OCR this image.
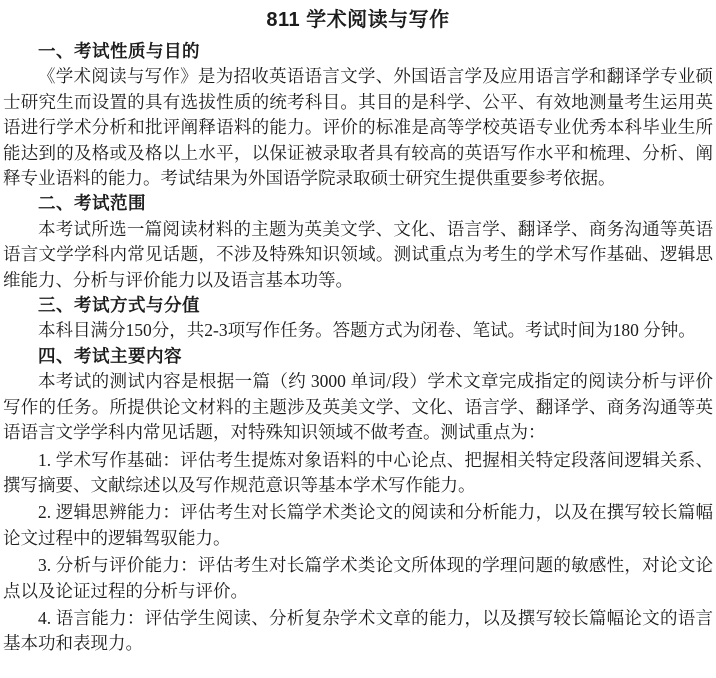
811 学术阅读与写作
一、考试性质与目的

《学术阅读与写作》是为招收英语语言文学、外国语言学及应用语言学和翻译学专业硕士研究生而设置的具有选拔性质的统考科目。其目的是科学、公平、有效地测量考生运用英语进行学术分析和批评阐释语料的能力。评价的标准是高等学校英语专业优秀本科毕业生所能达到的及格或及格以上水平，以保证被录取者具有较高的英语写作水平和梳理、分析、阐释专业语料的能力。考试结果为外国语学院录取硕士研究生提供重要参考依据。

二、考试范围

本考试所选一篇阅读材料的主题为英美文学、文化、语言学、翻译学、商务沟通等英语语言文学学科内常见话题，不涉及特殊知识领域。测试重点为考生的学术写作基础、逻辑思维能力、分析与评价能力以及语言基本功等。

三、考试方式与分值

本科目满分150分，共2-3项写作任务。答题方式为闭卷、笔试。考试时间为180 分钟。

四、考试主要内容

本考试的测试内容是根据一篇（约 3000 单词/段）学术文章完成指定的阅读分析与评价写作的任务。所提供论文材料的主题涉及英美文学、文化、语言学、翻译学、商务沟通等英语语言文学学科内常见话题，对特殊知识领域不做考查。测试重点为：

1. 学术写作基础：评估考生提炼对象语料的中心论点、把握相关特定段落间逻辑关系、撰写摘要、文献综述以及写作规范意识等基本学术写作能力。

2. 逻辑思辨能力：评估考生对长篇学术类论文的阅读和分析能力，以及在撰写较长篇幅论文过程中的逻辑驾驭能力。

3. 分析与评价能力：评估考生对长篇学术类论文所体现的学理问题的敏感性，对论文论点以及论证过程的分析与评价。

4. 语言能力：评估学生阅读、分析复杂学术文章的能力，以及撰写较长篇幅论文的语言基本功和表现力。
